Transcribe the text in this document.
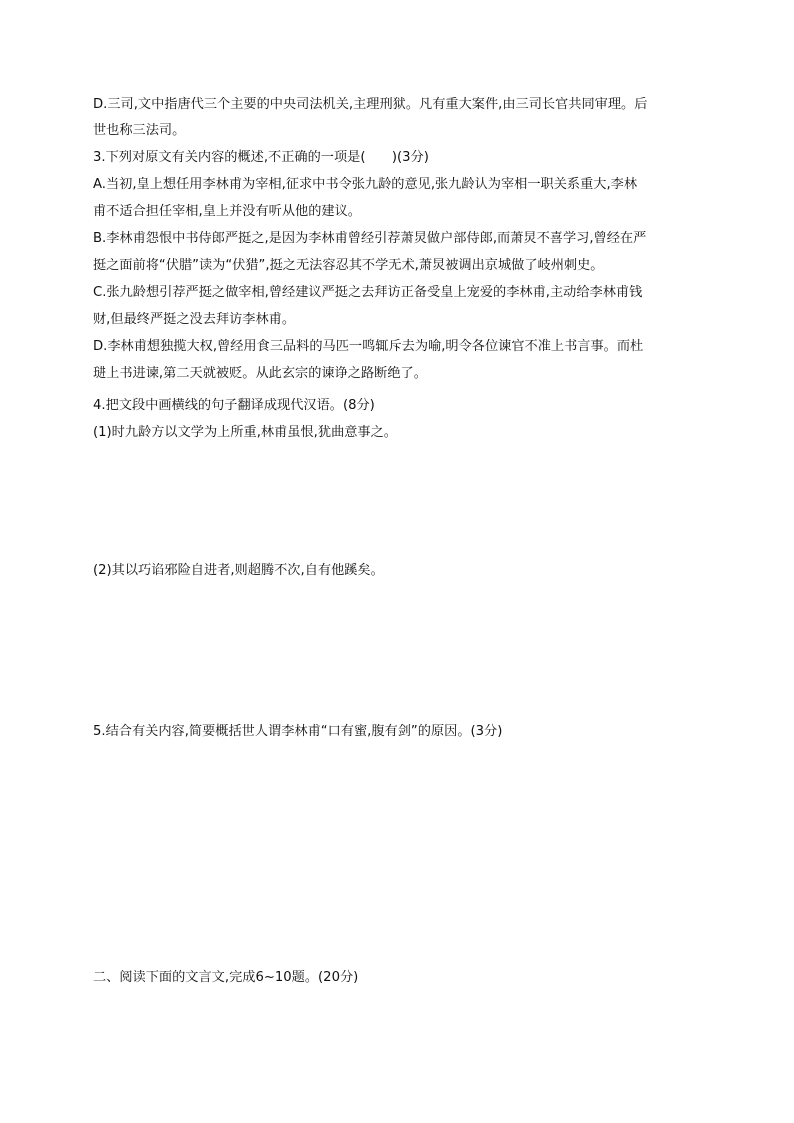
D.三司,文中指唐代三个主要的中央司法机关,主理刑狱。凡有重大案件,由三司长官共同审理。后
世也称三法司。
3.下列对原文有关内容的概述,不正确的一项是(　　)(3分)
A.当初,皇上想任用李林甫为宰相,征求中书令张九龄的意见,张九龄认为宰相一职关系重大,李林
甫不适合担任宰相,皇上并没有听从他的建议。
B.李林甫怨恨中书侍郎严挺之,是因为李林甫曾经引荐萧炅做户部侍郎,而萧炅不喜学习,曾经在严
挺之面前将“伏腊”读为“伏猎”,挺之无法容忍其不学无术,萧炅被调出京城做了岐州刺史。
C.张九龄想引荐严挺之做宰相,曾经建议严挺之去拜访正备受皇上宠爱的李林甫,主动给李林甫钱
财,但最终严挺之没去拜访李林甫。
D.李林甫想独揽大权,曾经用食三品料的马匹一鸣辄斥去为喻,明令各位谏官不准上书言事。而杜
琎上书进谏,第二天就被贬。从此玄宗的谏诤之路断绝了。
4.把文段中画横线的句子翻译成现代汉语。(8分)
(1)时九龄方以文学为上所重,林甫虽恨,犹曲意事之。
(2)其以巧谄邪险自进者,则超腾不次,自有他蹊矣。
5.结合有关内容,简要概括世人谓李林甫“口有蜜,腹有剑”的原因。(3分)
二、阅读下面的文言文,完成6~10题。(20分)
